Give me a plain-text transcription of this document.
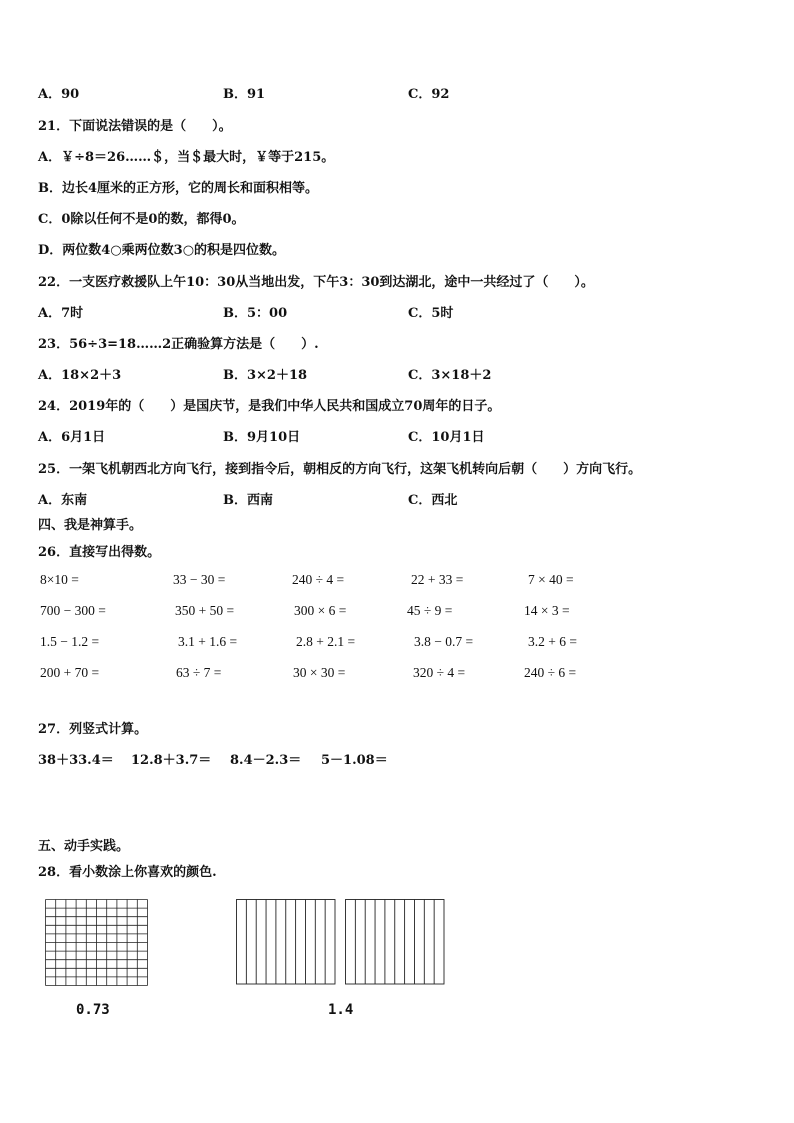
A．90	B．91	C．92
21．下面说法错误的是（　　）。
A．￥÷8＝26……＄，当＄最大时，￥等于215。
B．边长4厘米的正方形，它的周长和面积相等。
C．0除以任何不是0的数，都得0。
D．两位数4○乘两位数3○的积是四位数。
22．一支医疗救援队上午10：30从当地出发，下午3：30到达湖北，途中一共经过了（　　）。
A．7时	B．5：00	C．5时
23．56÷3=18……2正确验算方法是（　　）.
A．18×2＋3	B．3×2＋18	C．3×18＋2
24．2019年的（　　）是国庆节，是我们中华人民共和国成立70周年的日子。
A．6月1日	B．9月10日	C．10月1日
25．一架飞机朝西北方向飞行，接到指令后，朝相反的方向飞行，这架飞机转向后朝（　　）方向飞行。
A．东南	B．西南	C．西北
四、我是神算手。
26．直接写出得数。
8×10 =	33 − 30 =	240 ÷ 4 =	22 + 33 =	7 × 40 =
700 − 300 =	350 + 50 =	300 × 6 =	45 ÷ 9 =	14 × 3 =
1.5 − 1.2 =	3.1 + 1.6 =	2.8 + 2.1 =	3.8 − 0.7 =	3.2 + 6 =
200 + 70 =	63 ÷ 7 =	30 × 30 =	320 ÷ 4 =	240 ÷ 6 =
27．列竖式计算。
38＋33.4＝ 12.8＋3.7＝ 8.4－2.3＝ 5－1.08＝
五、动手实践。
28．看小数涂上你喜欢的颜色.
0.73	1.4
